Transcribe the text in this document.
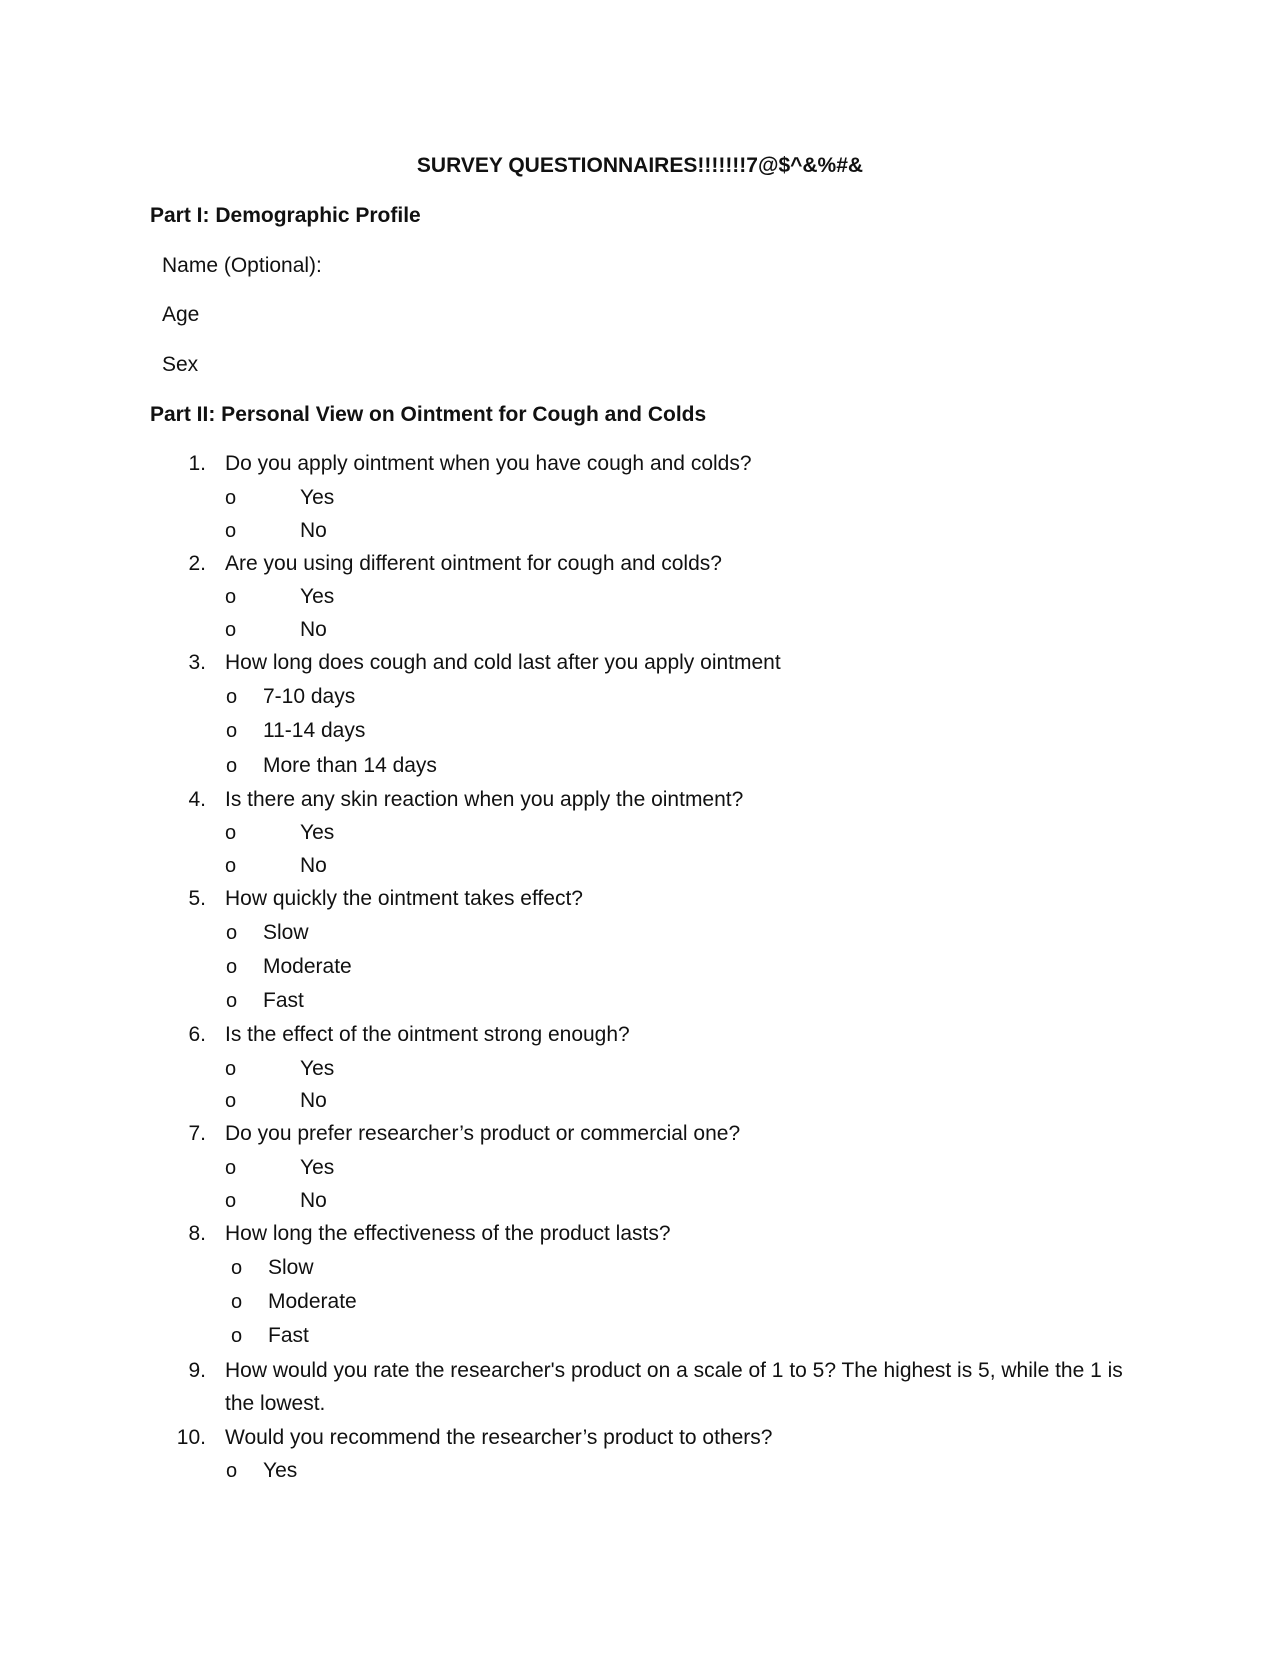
SURVEY QUESTIONNAIRES!!!!!!!7@$^&%#&
Part I: Demographic Profile
Name (Optional):
Age
Sex
Part II: Personal View on Ointment for Cough and Colds
1. Do you apply ointment when you have cough and colds?
o	Yes
o	No
2. Are you using different ointment for cough and colds?
o	Yes
o	No
3. How long does cough and cold last after you apply ointment
o 7-10 days
o 11-14 days
o More than 14 days
4. Is there any skin reaction when you apply the ointment?
o	Yes
o	No
5. How quickly the ointment takes effect?
o Slow
o Moderate
o Fast
6. Is the effect of the ointment strong enough?
o	Yes
o	No
7. Do you prefer researcher’s product or commercial one?
o	Yes
o	No
8. How long the effectiveness of the product lasts?
o Slow
o Moderate
o Fast
9. How would you rate the researcher's product on a scale of 1 to 5? The highest is 5, while the 1 is the lowest.
10. Would you recommend the researcher’s product to others?
o Yes
